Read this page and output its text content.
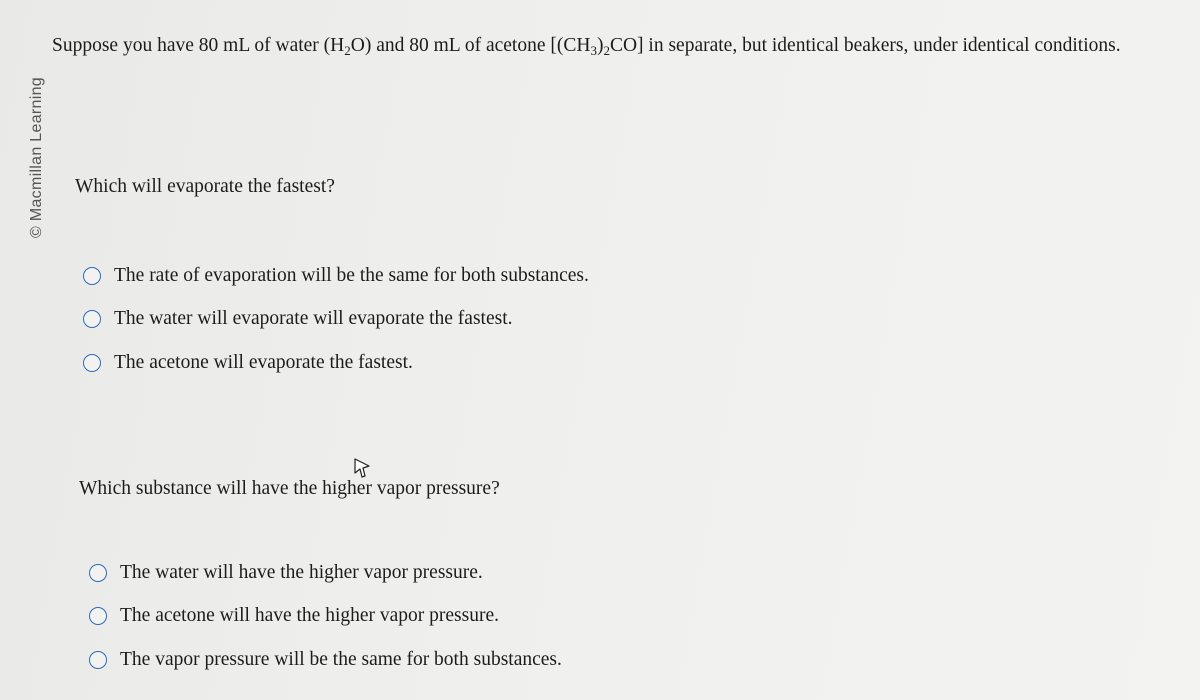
© Macmillan Learning
Suppose you have 80 mL of water $(H_2O)$ and 80 mL of acetone $[(CH_3)_2CO]$ in separate, but identical beakers, under identical conditions.
Which will evaporate the fastest?
The rate of evaporation will be the same for both substances.
The water will evaporate will evaporate the fastest.
The acetone will evaporate the fastest.
Which substance will have the higher vapor pressure?
The water will have the higher vapor pressure.
The acetone will have the higher vapor pressure.
The vapor pressure will be the same for both substances.
